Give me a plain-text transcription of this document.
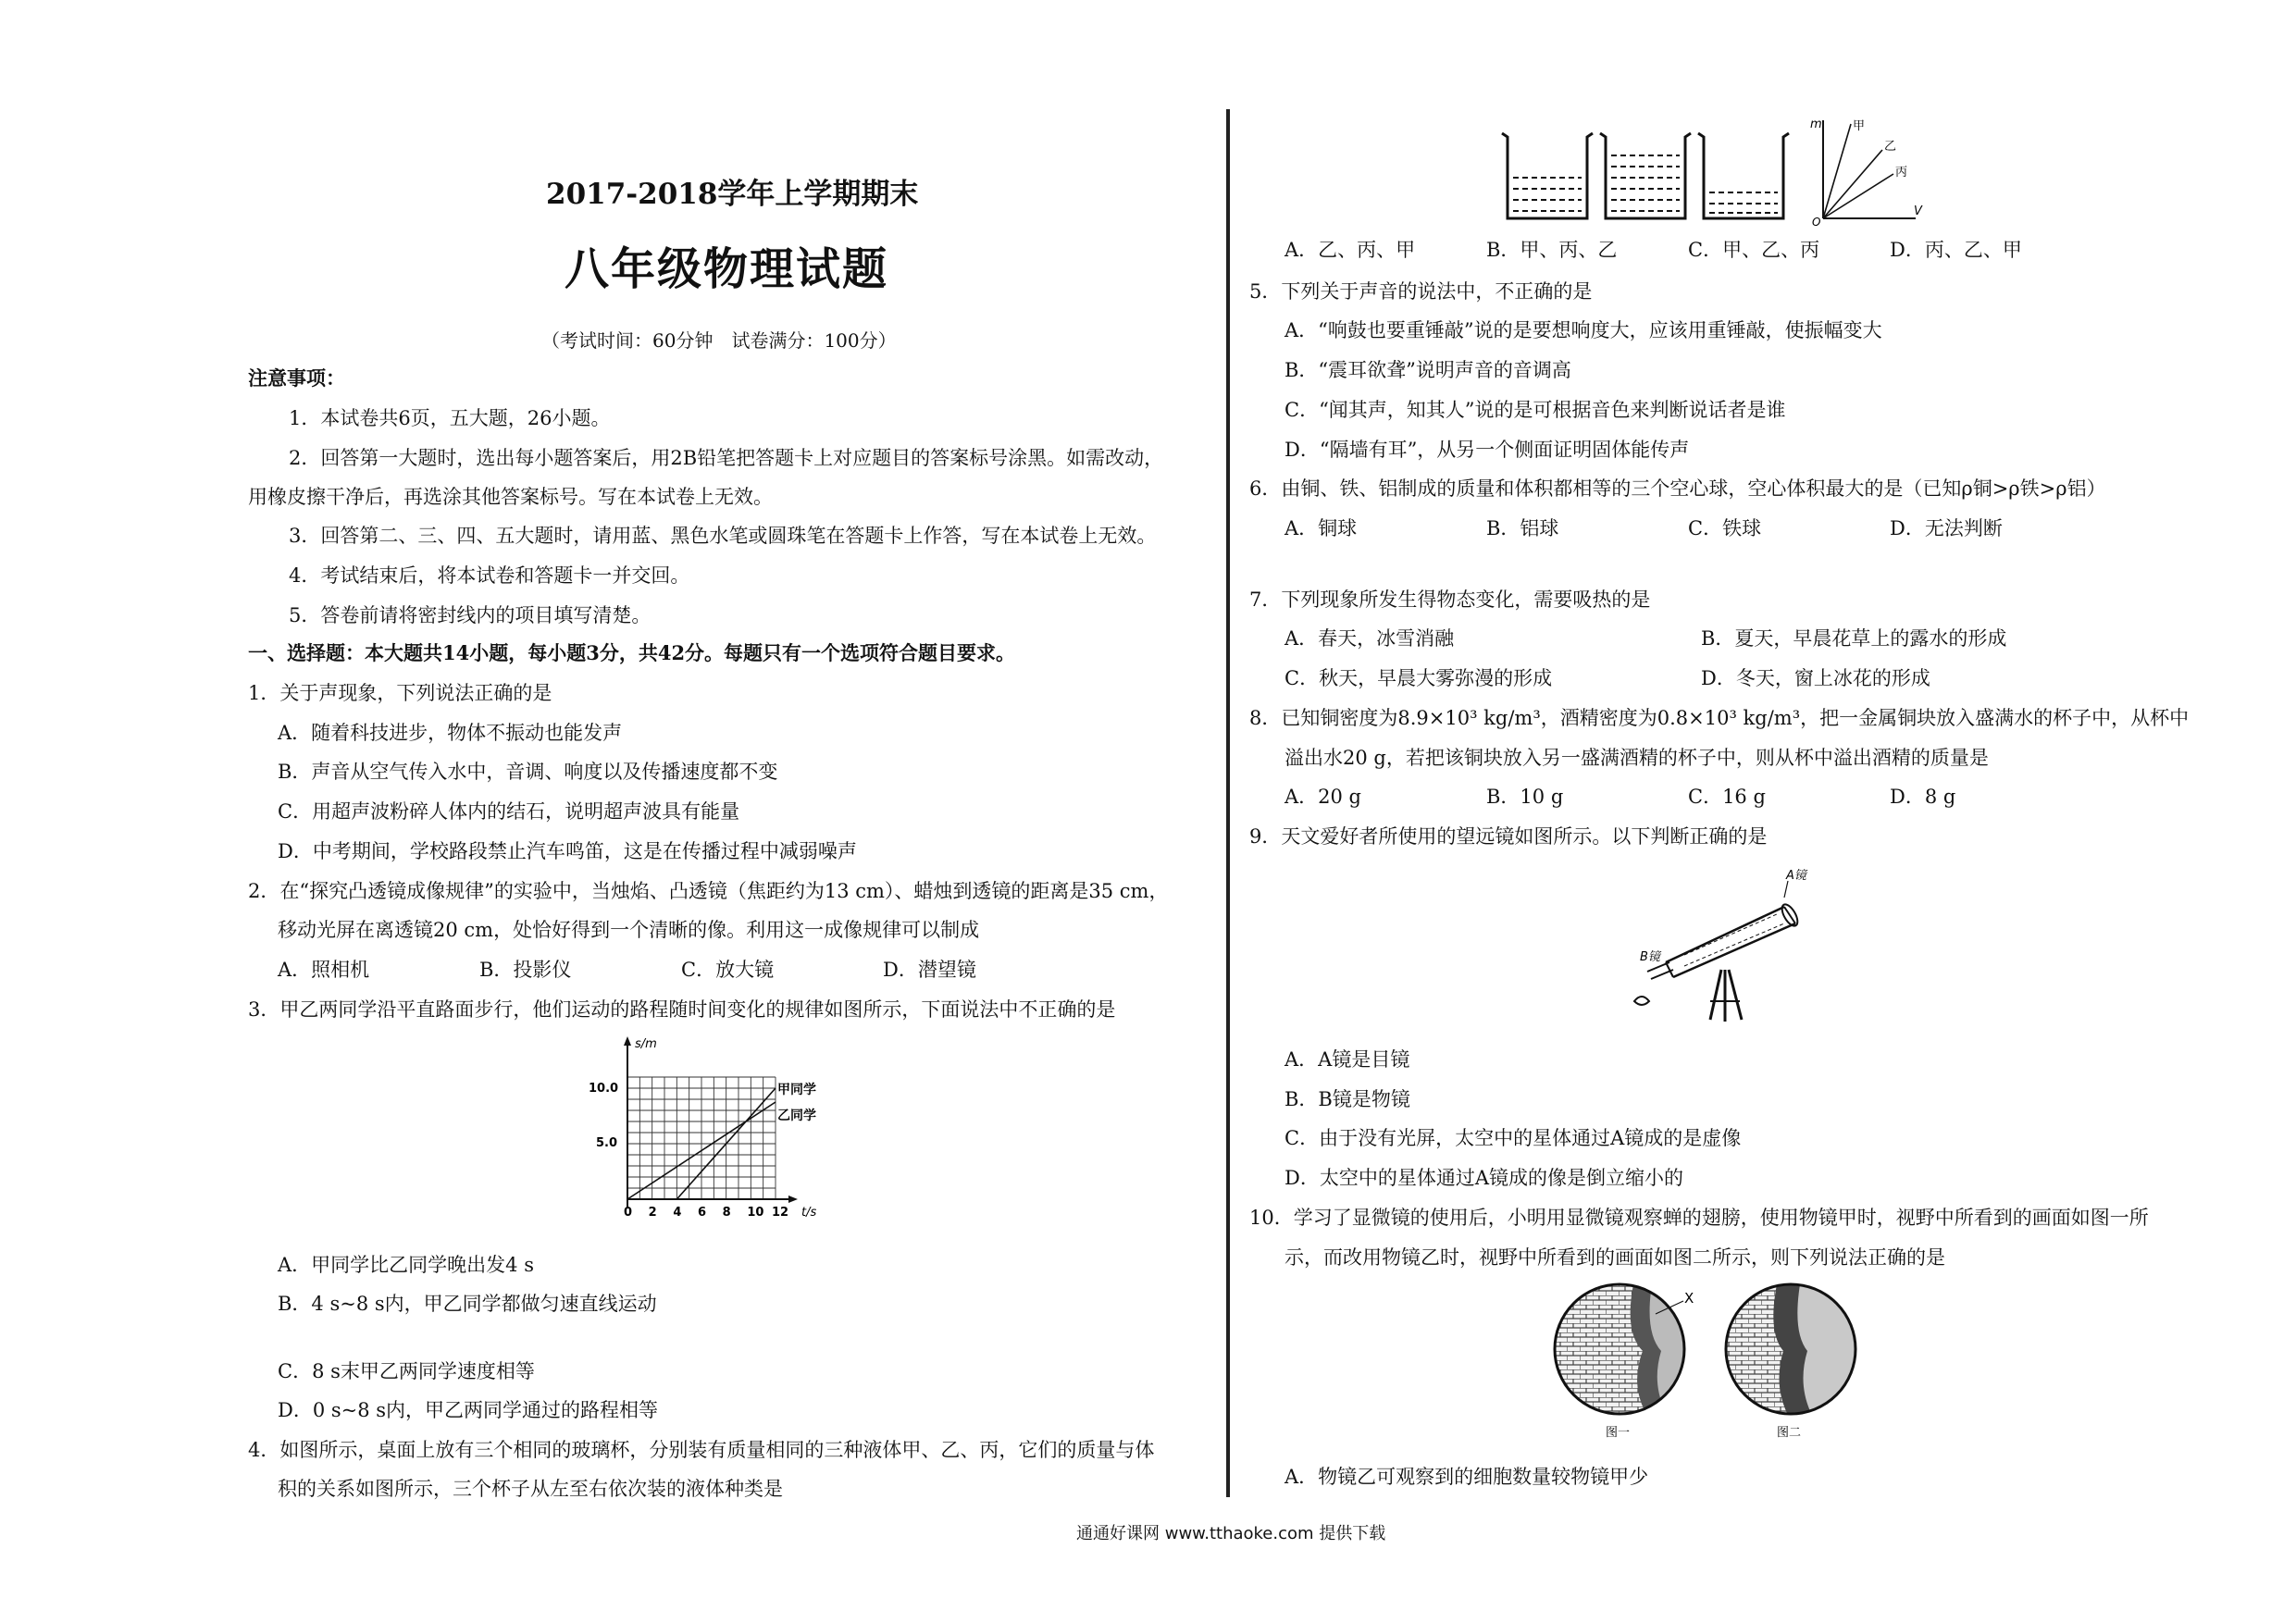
2017-2018学年上学期期末
八年级物理试题
（考试时间：60分钟　试卷满分：100分）
注意事项：
1．本试卷共6页，五大题，26小题。
2．回答第一大题时，选出每小题答案后，用2B铅笔把答题卡上对应题目的答案标号涂黑。如需改动，
用橡皮擦干净后，再选涂其他答案标号。写在本试卷上无效。
3．回答第二、三、四、五大题时，请用蓝、黑色水笔或圆珠笔在答题卡上作答，写在本试卷上无效。
4．考试结束后，将本试卷和答题卡一并交回。
5．答卷前请将密封线内的项目填写清楚。
一、选择题：本大题共14小题，每小题3分，共42分。每题只有一个选项符合题目要求。
1．关于声现象，下列说法正确的是
A．随着科技进步，物体不振动也能发声
B．声音从空气传入水中，音调、响度以及传播速度都不变
C．用超声波粉碎人体内的结石，说明超声波具有能量
D．中考期间，学校路段禁止汽车鸣笛，这是在传播过程中减弱噪声
2．在“探究凸透镜成像规律”的实验中，当烛焰、凸透镜（焦距约为13 cm）、蜡烛到透镜的距离是35 cm，
移动光屏在离透镜20 cm，处恰好得到一个清晰的像。利用这一成像规律可以制成
A．照相机	B．投影仪	C．放大镜	D．潜望镜
3．甲乙两同学沿平直路面步行，他们运动的路程随时间变化的规律如图所示，下面说法中不正确的是
s/m
10.0
5.0
甲同学
乙同学
0 2 4 6 8 10 12 t/s
A．甲同学比乙同学晚出发4 s
B．4 s~8 s内，甲乙同学都做匀速直线运动
C．8 s末甲乙两同学速度相等
D．0 s~8 s内，甲乙两同学通过的路程相等
4．如图所示，桌面上放有三个相同的玻璃杯，分别装有质量相同的三种液体甲、乙、丙，它们的质量与体
积的关系如图所示，三个杯子从左至右依次装的液体种类是
m
V
O
甲
乙
丙
A．乙、丙、甲	B．甲、丙、乙	C．甲、乙、丙	D．丙、乙、甲
5．下列关于声音的说法中，不正确的是
A．“响鼓也要重锤敲”说的是要想响度大，应该用重锤敲，使振幅变大
B．“震耳欲聋”说明声音的音调高
C．“闻其声，知其人”说的是可根据音色来判断说话者是谁
D．“隔墙有耳”，从另一个侧面证明固体能传声
6．由铜、铁、铝制成的质量和体积都相等的三个空心球，空心体积最大的是（已知ρ铜>ρ铁>ρ铝）
A．铜球	B．铝球	C．铁球	D．无法判断
7．下列现象所发生得物态变化，需要吸热的是
A．春天，冰雪消融	B．夏天，早晨花草上的露水的形成
C．秋天，早晨大雾弥漫的形成	D．冬天，窗上冰花的形成
8．已知铜密度为8.9×10³ kg/m³，酒精密度为0.8×10³ kg/m³，把一金属铜块放入盛满水的杯子中，从杯中
溢出水20 g，若把该铜块放入另一盛满酒精的杯子中，则从杯中溢出酒精的质量是
A．20 g	B．10 g	C．16 g	D．8 g
9．天文爱好者所使用的望远镜如图所示。以下判断正确的是
A镜
B镜
A．A镜是目镜
B．B镜是物镜
C．由于没有光屏，太空中的星体通过A镜成的是虚像
D．太空中的星体通过A镜成的像是倒立缩小的
10．学习了显微镜的使用后，小明用显微镜观察蝉的翅膀，使用物镜甲时，视野中所看到的画面如图一所
示，而改用物镜乙时，视野中所看到的画面如图二所示，则下列说法正确的是
X
图一	图二
A．物镜乙可观察到的细胞数量较物镜甲少
通通好课网 www.tthaoke.com 提供下载
